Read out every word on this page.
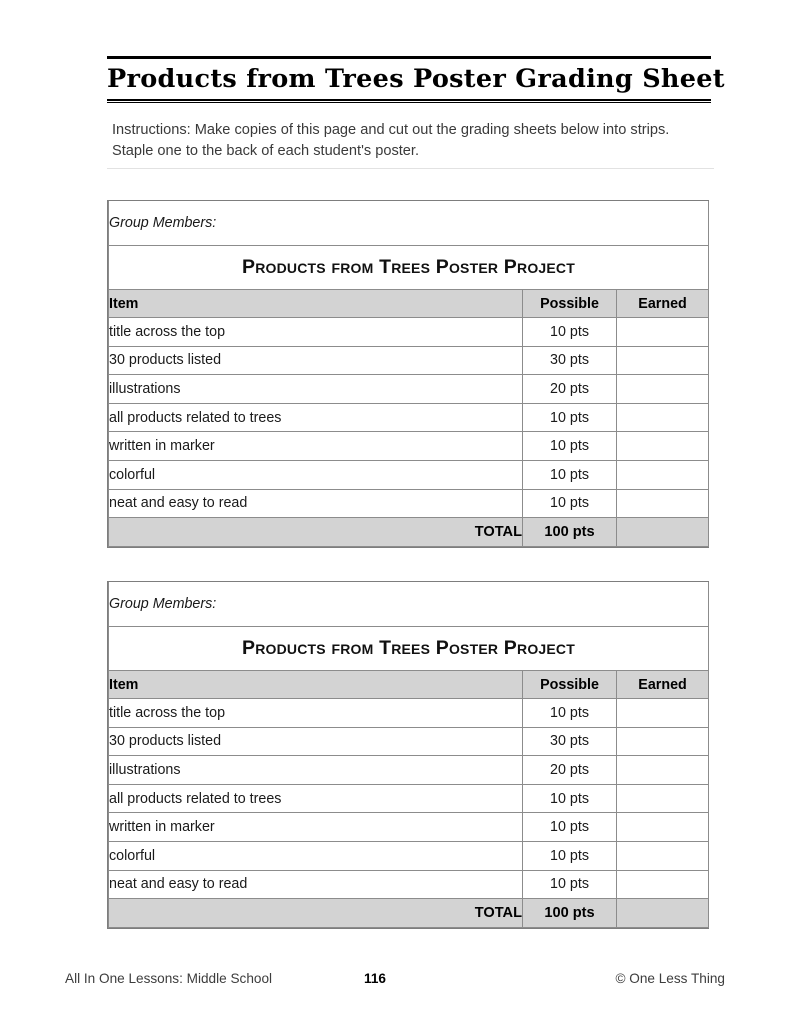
Products from Trees Poster Grading Sheet
Instructions: Make copies of this page and cut out the grading sheets below into strips. Staple one to the back of each student's poster.
Group Members:		
Products from Trees Poster Project		
Item	Possible	Earned
title across the top	10 pts	
30 products listed	30 pts	
illustrations	20 pts	
all products related to trees	10 pts	
written in marker	10 pts	
colorful	10 pts	
neat and easy to read	10 pts	
TOTAL	100 pts	
Group Members:		
Products from Trees Poster Project		
Item	Possible	Earned
title across the top	10 pts	
30 products listed	30 pts	
illustrations	20 pts	
all products related to trees	10 pts	
written in marker	10 pts	
colorful	10 pts	
neat and easy to read	10 pts	
TOTAL	100 pts	
All In One Lessons: Middle School	116	© One Less Thing
